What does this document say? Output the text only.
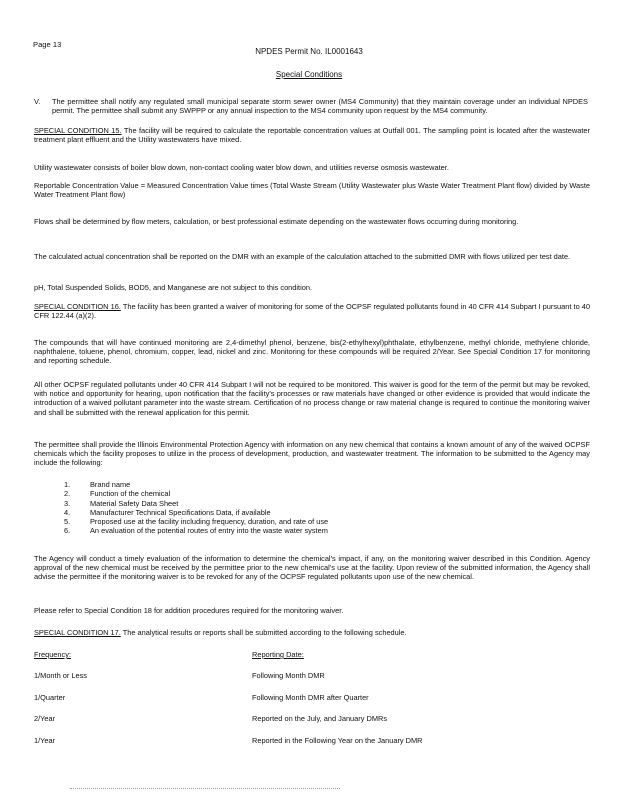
Page 13
NPDES Permit No. IL0001643
Special Conditions
V. The permittee shall notify any regulated small municipal separate storm sewer owner (MS4 Community) that they maintain coverage under an individual NPDES permit. The permittee shall submit any SWPPP or any annual inspection to the MS4 community upon request by the MS4 community.

SPECIAL CONDITION 15. The facility will be required to calculate the reportable concentration values at Outfall 001. The sampling point is located after the wastewater treatment plant effluent and the Utility wastewaters have mixed.

Utility wastewater consists of boiler blow down, non-contact cooling water blow down, and utilities reverse osmosis wastewater.

Reportable Concentration Value = Measured Concentration Value times (Total Waste Stream (Utility Wastewater plus Waste Water Treatment Plant flow) divided by Waste Water Treatment Plant flow)

Flows shall be determined by flow meters, calculation, or best professional estimate depending on the wastewater flows occurring during monitoring.

The calculated actual concentration shall be reported on the DMR with an example of the calculation attached to the submitted DMR with flows utilized per test date.

pH, Total Suspended Solids, BOD5, and Manganese are not subject to this condition.

SPECIAL CONDITION 16. The facility has been granted a waiver of monitoring for some of the OCPSF regulated pollutants found in 40 CFR 414 Subpart I pursuant to 40 CFR 122.44 (a)(2).

The compounds that will have continued monitoring are 2,4-dimethyl phenol, benzene, bis(2-ethylhexyl)phthalate, ethylbenzene, methyl chloride, methylene chloride, naphthalene, toluene, phenol, chromium, copper, lead, nickel and zinc. Monitoring for these compounds will be required 2/Year. See Special Condition 17 for monitoring and reporting schedule.

All other OCPSF regulated pollutants under 40 CFR 414 Subpart I will not be required to be monitored. This waiver is good for the term of the permit but may be revoked, with notice and opportunity for hearing, upon notification that the facility's processes or raw materials have changed or other evidence is provided that would indicate the introduction of a waived pollutant parameter into the waste stream. Certification of no process change or raw material change is required to continue the monitoring waiver and shall be submitted with the renewal application for this permit.

The permittee shall provide the Illinois Environmental Protection Agency with information on any new chemical that contains a known amount of any of the waived OCPSF chemicals which the facility proposes to utilize in the process of development, production, and wastewater treatment. The information to be submitted to the Agency may include the following:

1.	Brand name
2.	Function of the chemical
3.	Material Safety Data Sheet
4.	Manufacturer Technical Specifications Data, if available
5.	Proposed use at the facility including frequency, duration, and rate of use
6.	An evaluation of the potential routes of entry into the waste water system

The Agency will conduct a timely evaluation of the information to determine the chemical's impact, if any, on the monitoring waiver described in this Condition. Agency approval of the new chemical must be received by the permittee prior to the new chemical's use at the facility. Upon review of the submitted information, the Agency shall advise the permittee if the monitoring waiver is to be revoked for any of the OCPSF regulated pollutants upon use of the new chemical.

Please refer to Special Condition 18 for addition procedures required for the monitoring waiver.

SPECIAL CONDITION 17. The analytical results or reports shall be submitted according to the following schedule.

Frequency:	Reporting Date:
1/Month or Less	Following Month DMR
1/Quarter	Following Month DMR after Quarter
2/Year	Reported on the July, and January DMRs
1/Year	Reported in the Following Year on the January DMR
